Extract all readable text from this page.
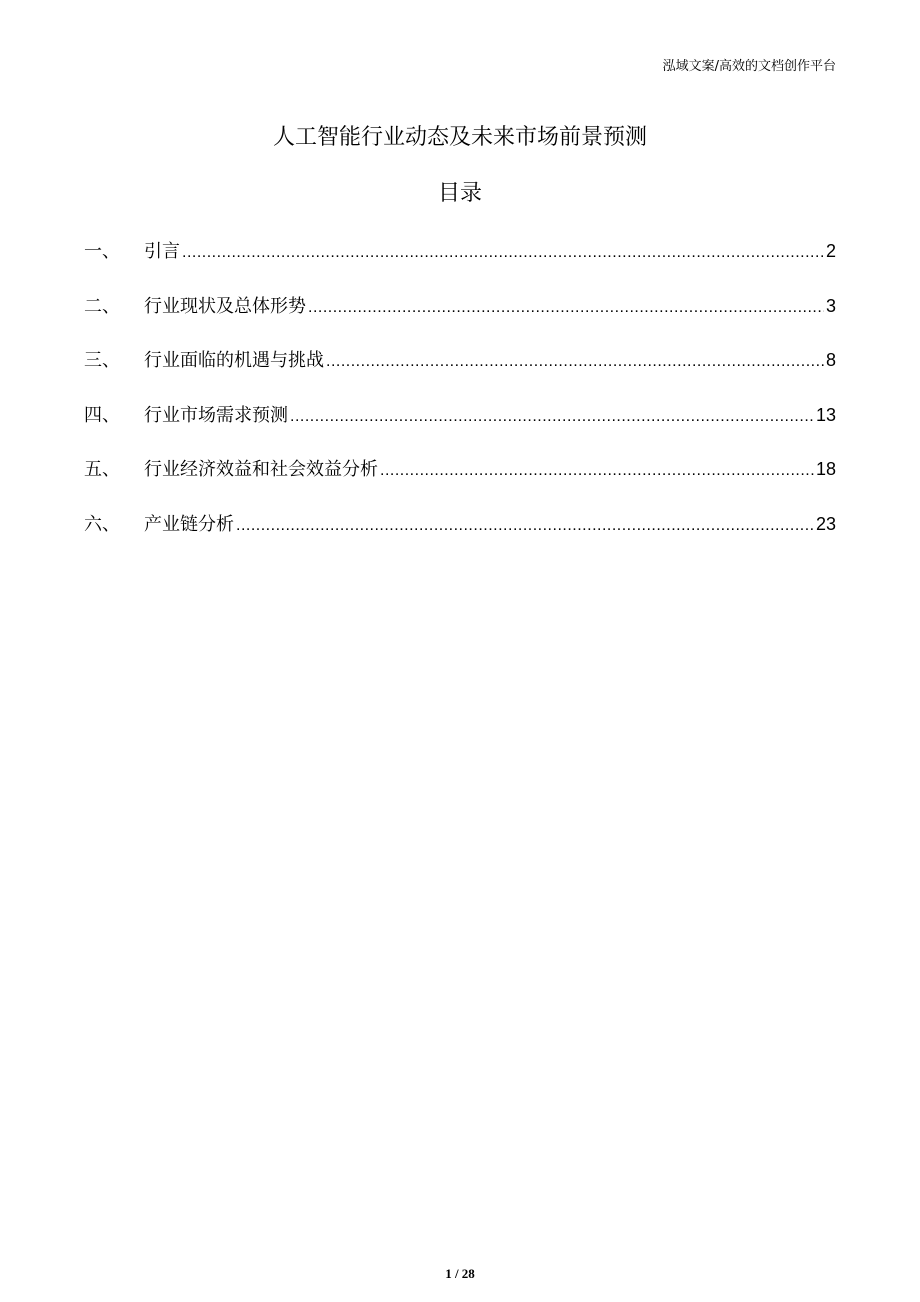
泓域文案/高效的文档创作平台
人工智能行业动态及未来市场前景预测
目录
一、	引言 .....	2
二、	行业现状及总体形势 .....	3
三、	行业面临的机遇与挑战 .....	8
四、	行业市场需求预测 .....	13
五、	行业经济效益和社会效益分析 .....	18
六、	产业链分析 .....	23
1 / 28
